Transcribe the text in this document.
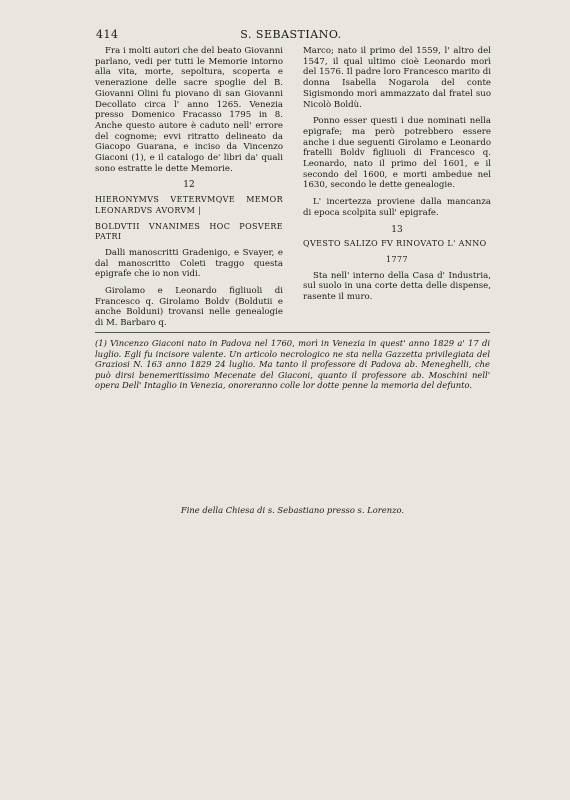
414	S. SEBASTIANO.

Fra i molti autori che del beato Giovanni parlano, vedi per tutti le Memorie intorno alla vita, morte, sepoltura, scoperta e venerazione delle sacre spoglie del B. Giovanni Olini fu piovano di san Giovanni Decollato circa l' anno 1265. Venezia presso Domenico Fracasso 1795 in 8. Anche questo autore è caduto nell' errore del cognome; evvi ritratto delineato da Giacopo Guarana, e inciso da Vincenzo Giaconi (1), e il catalogo de' libri da' quali sono estratte le dette Memorie.

12
HIERONYMVS VETERVMQVE MEMOR LEONARDVS AVORVM |
BOLDVTII VNANIMES HOC POSVERE PATRI

Dalli manoscritti Gradenigo, e Svayer, e dal manoscritto Coleti traggo questa epigrafe che io non vidi.

Girolamo e Leonardo figliuoli di Francesco q. Girolamo Boldv (Boldutii e anche Bolduni) trovansi nelle genealogie di M. Barbaro q.

Marco; nato il primo del 1559, l' altro del 1547, il qual ultimo cioè Leonardo morì del 1576. Il padre loro Francesco marito di donna Isabella Nogarola del conte Sigismondo morì ammazzato dal fratel suo Nicolò Boldù.

Ponno esser questi i due nominati nella epigrafe; ma però potrebbero essere anche i due seguenti Girolamo e Leonardo fratelli Boldv figliuoli di Francesco q. Leonardo, nato il primo del 1601, e il secondo del 1600, e morti ambedue nel 1630, secondo le dette genealogie.

L' incertezza proviene dalla mancanza di epoca scolpita sull' epigrafe.

13
QVESTO SALIZO FV RINOVATO L' ANNO
1777

Sta nell' interno della Casa d' Industria, sul suolo in una corte detta delle dispense, rasente il muro.

(1) Vincenzo Giaconi nato in Padova nel 1760, morì in Venezia in quest' anno 1829 a' 17 di luglio. Egli fu incisore valente. Un articolo necrologico ne sta nella Gazzetta privilegiata del Graziosi N. 163 anno 1829 24 luglio. Ma tanto il professore di Padova ab. Meneghelli, che può dirsi benemeritissimo Mecenate del Giaconi, quanto il professore ab. Moschini nell' opera Dell' Intaglio in Venezia, onoreranno colle lor dotte penne la memoria del defunto.
Fine della Chiesa di s. Sebastiano presso s. Lorenzo.
